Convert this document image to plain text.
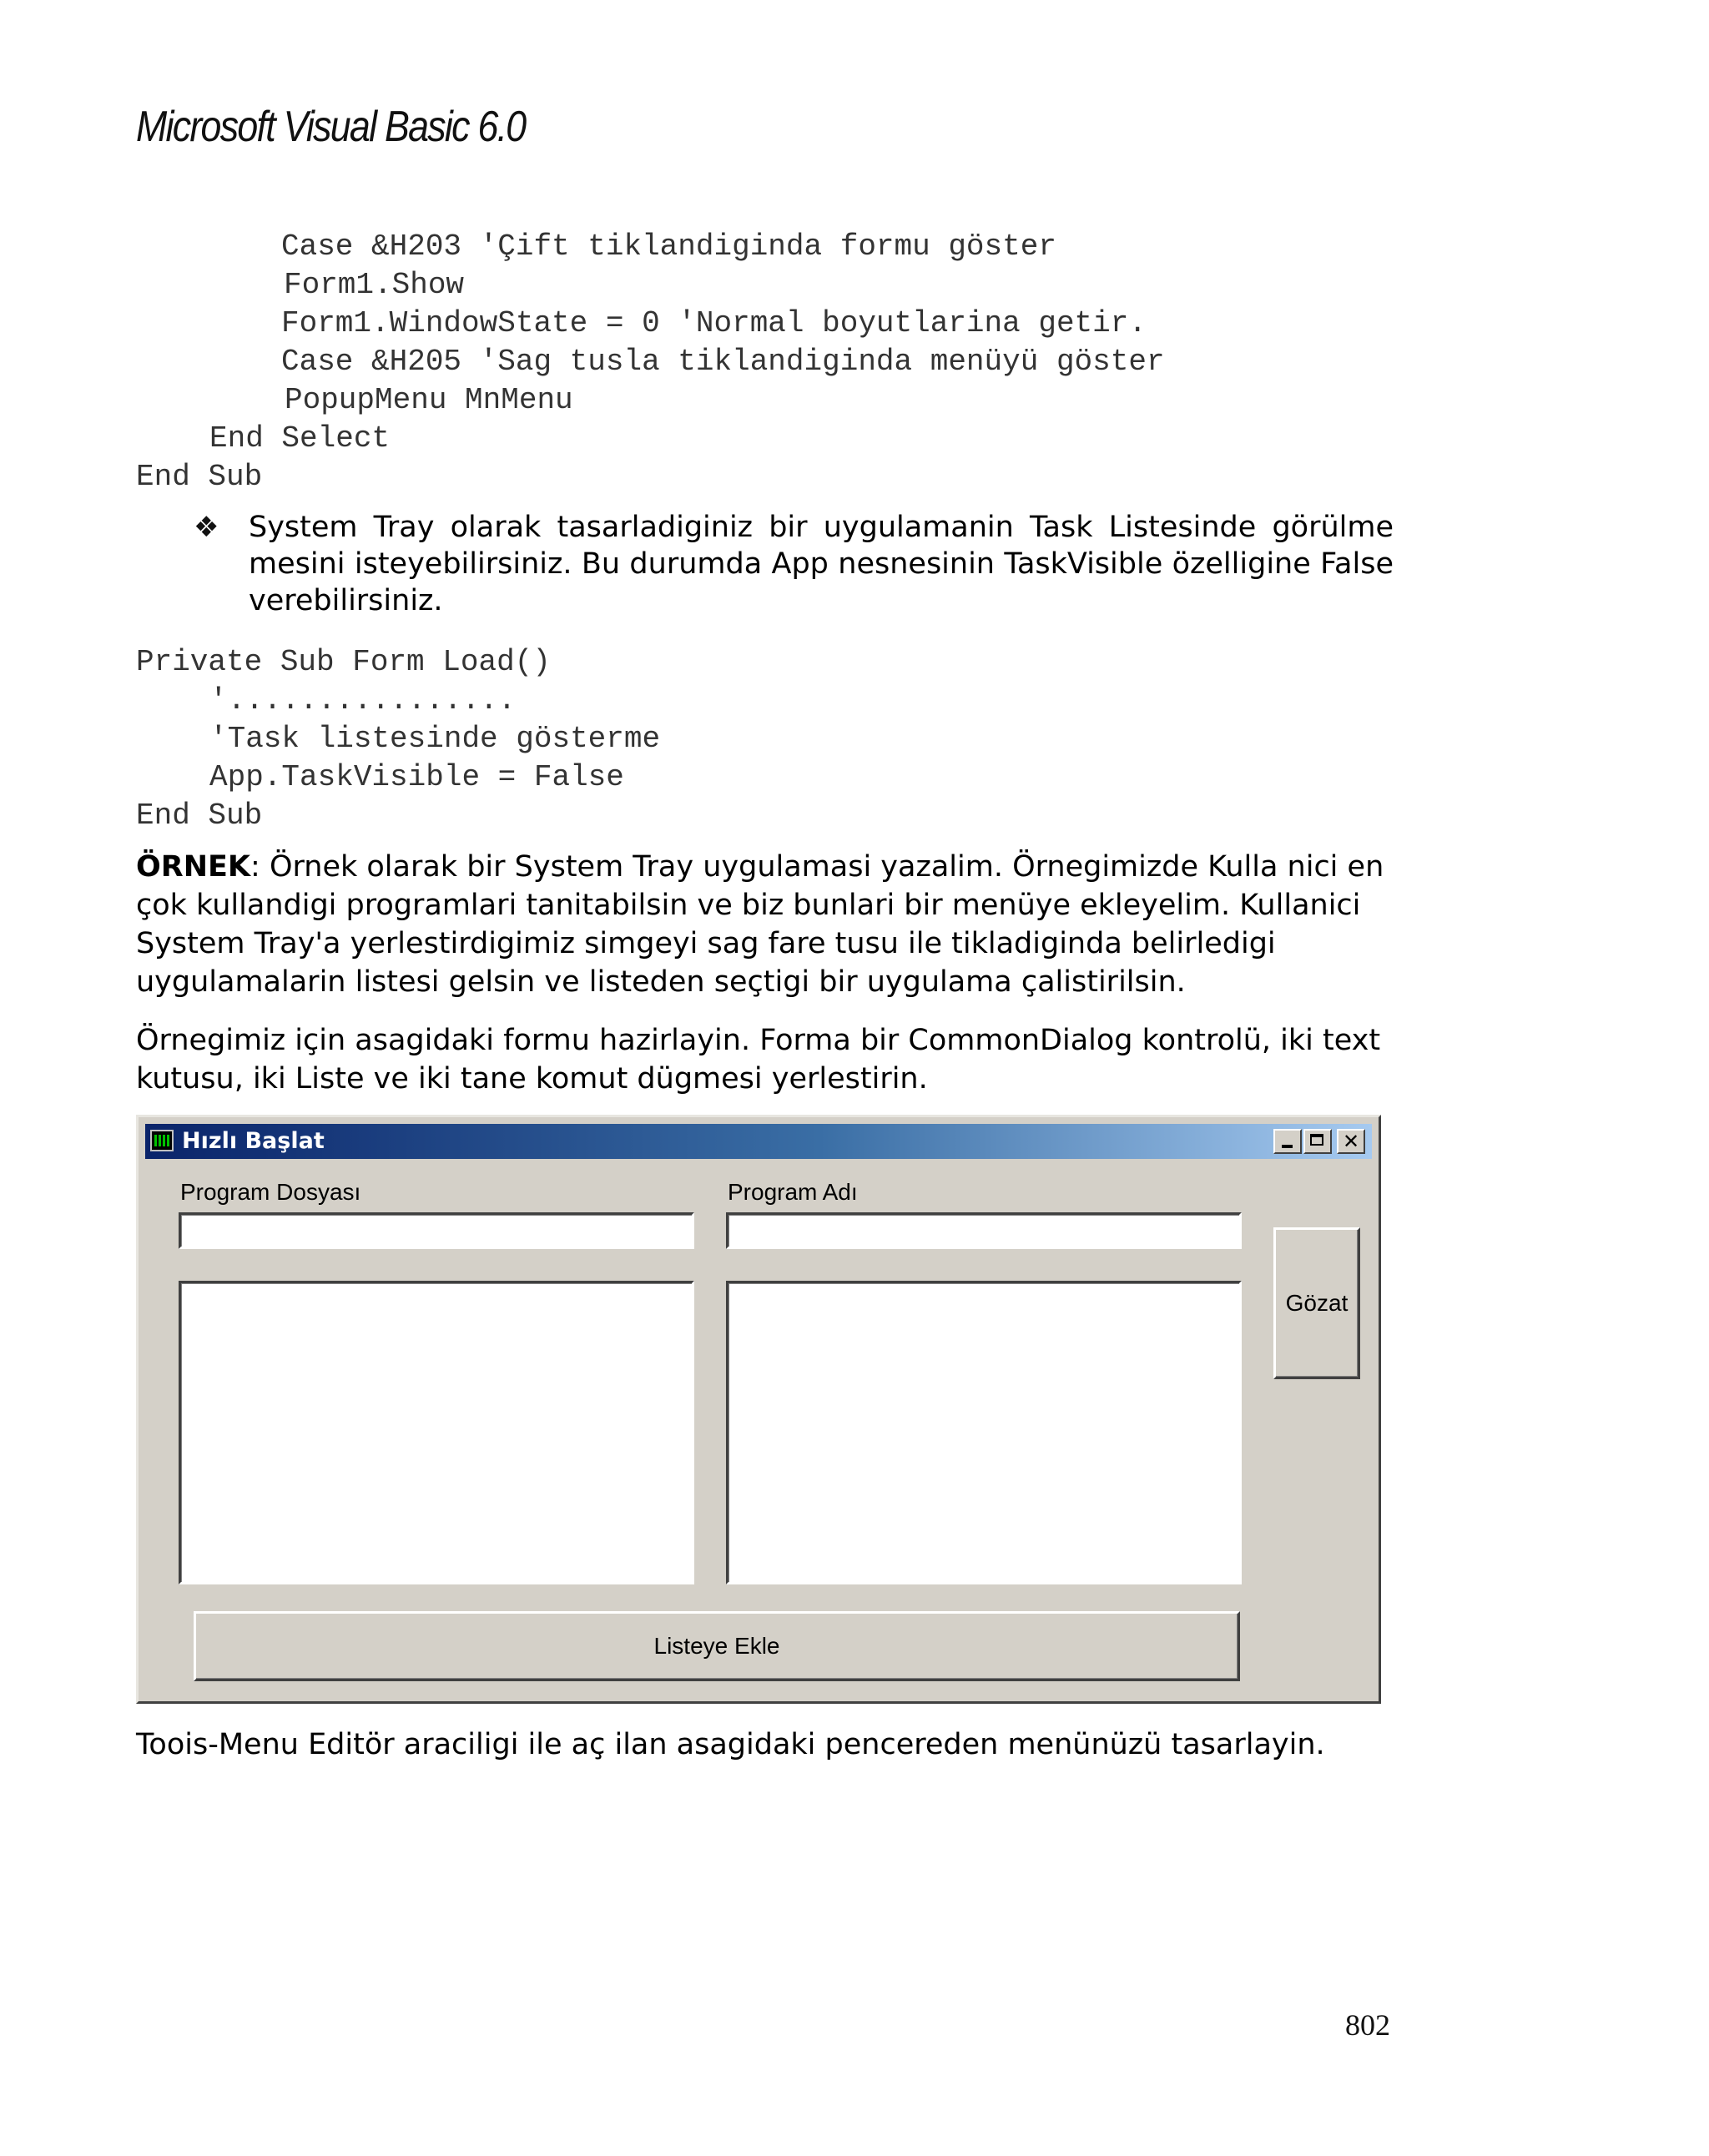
Microsoft Visual Basic 6.0
Case &H203 'Çift tiklandiginda formu göster
Form1.Show
Form1.WindowState = 0 'Normal boyutlarina getir.
Case &H205 'Sag tusla tiklandiginda menüyü göster
PopupMenu MnMenu
End Select
End Sub
❖ System Tray olarak tasarladiginiz bir uygulamanin Task Listesinde görülme mesini isteyebilirsiniz. Bu durumda App nesnesinin TaskVisible özelligine False verebilirsiniz.
Private Sub Form Load()
'................
'Task listesinde gösterme
App.TaskVisible = False
End Sub
ÖRNEK: Örnek olarak bir System Tray uygulamasi yazalim. Örnegimizde Kulla nici en çok kullandigi programlari tanitabilsin ve biz bunlari bir menüye ekleyelim. Kullanici System Tray'a yerlestirdigimiz simgeyi sag fare tusu ile tikladiginda belirledigi uygulamalarin listesi gelsin ve listeden seçtigi bir uygulama çalistirilsin.
Örnegimiz için asagidaki formu hazirlayin. Forma bir CommonDialog kontrolü, iki text kutusu, iki Liste ve iki tane komut dügmesi yerlestirin.
Hızlı Başlat	✕
Program Dosyası	Program Adı
Gözat
Listeye Ekle
Toois-Menu Editör araciligi ile aç ilan asagidaki pencereden menünüzü tasarlayin.
802
